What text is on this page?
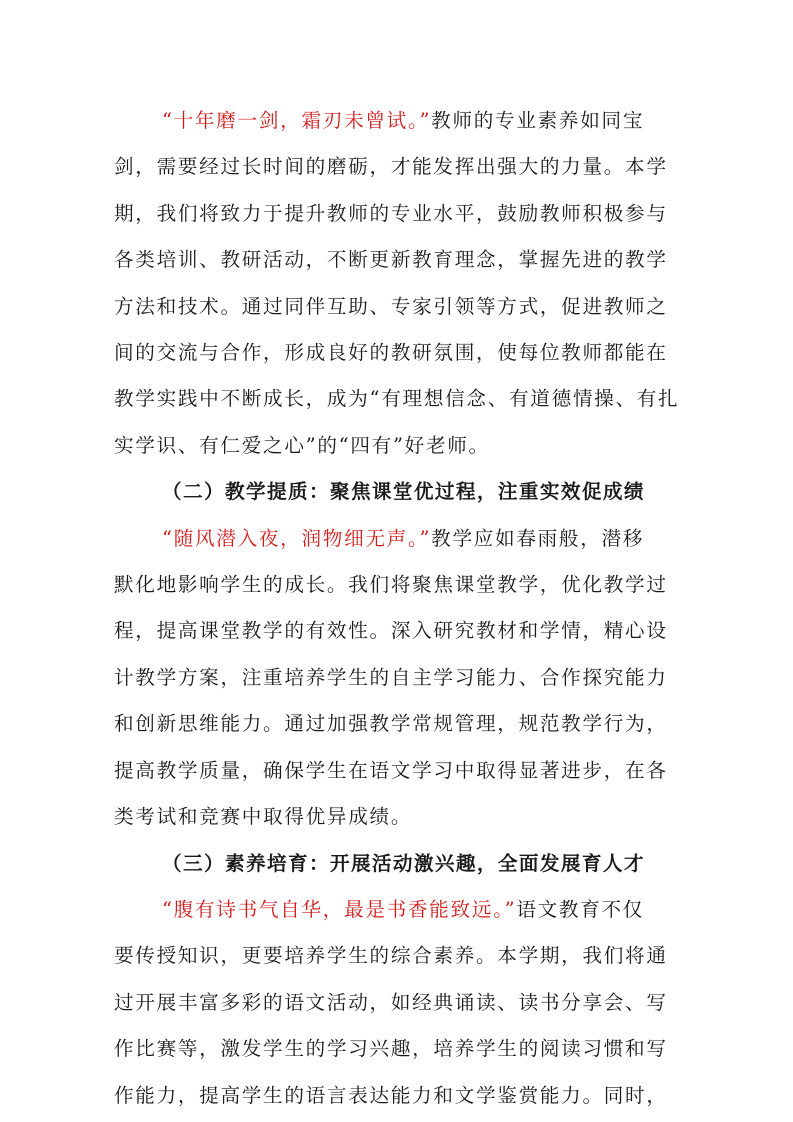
“十年磨一剑，霜刃未曾试。”教师的专业素养如同宝
剑，需要经过长时间的磨砺，才能发挥出强大的力量。本学
期，我们将致力于提升教师的专业水平，鼓励教师积极参与
各类培训、教研活动，不断更新教育理念，掌握先进的教学
方法和技术。通过同伴互助、专家引领等方式，促进教师之
间的交流与合作，形成良好的教研氛围，使每位教师都能在
教学实践中不断成长，成为“有理想信念、有道德情操、有扎
实学识、有仁爱之心”的“四有”好老师。

（二）教学提质：聚焦课堂优过程，注重实效促成绩

“随风潜入夜，润物细无声。”教学应如春雨般，潜移
默化地影响学生的成长。我们将聚焦课堂教学，优化教学过
程，提高课堂教学的有效性。深入研究教材和学情，精心设
计教学方案，注重培养学生的自主学习能力、合作探究能力
和创新思维能力。通过加强教学常规管理，规范教学行为，
提高教学质量，确保学生在语文学习中取得显著进步，在各
类考试和竞赛中取得优异成绩。

（三）素养培育：开展活动激兴趣，全面发展育人才

“腹有诗书气自华，最是书香能致远。”语文教育不仅
要传授知识，更要培养学生的综合素养。本学期，我们将通
过开展丰富多彩的语文活动，如经典诵读、读书分享会、写
作比赛等，激发学生的学习兴趣，培养学生的阅读习惯和写
作能力，提高学生的语言表达能力和文学鉴赏能力。同时，
